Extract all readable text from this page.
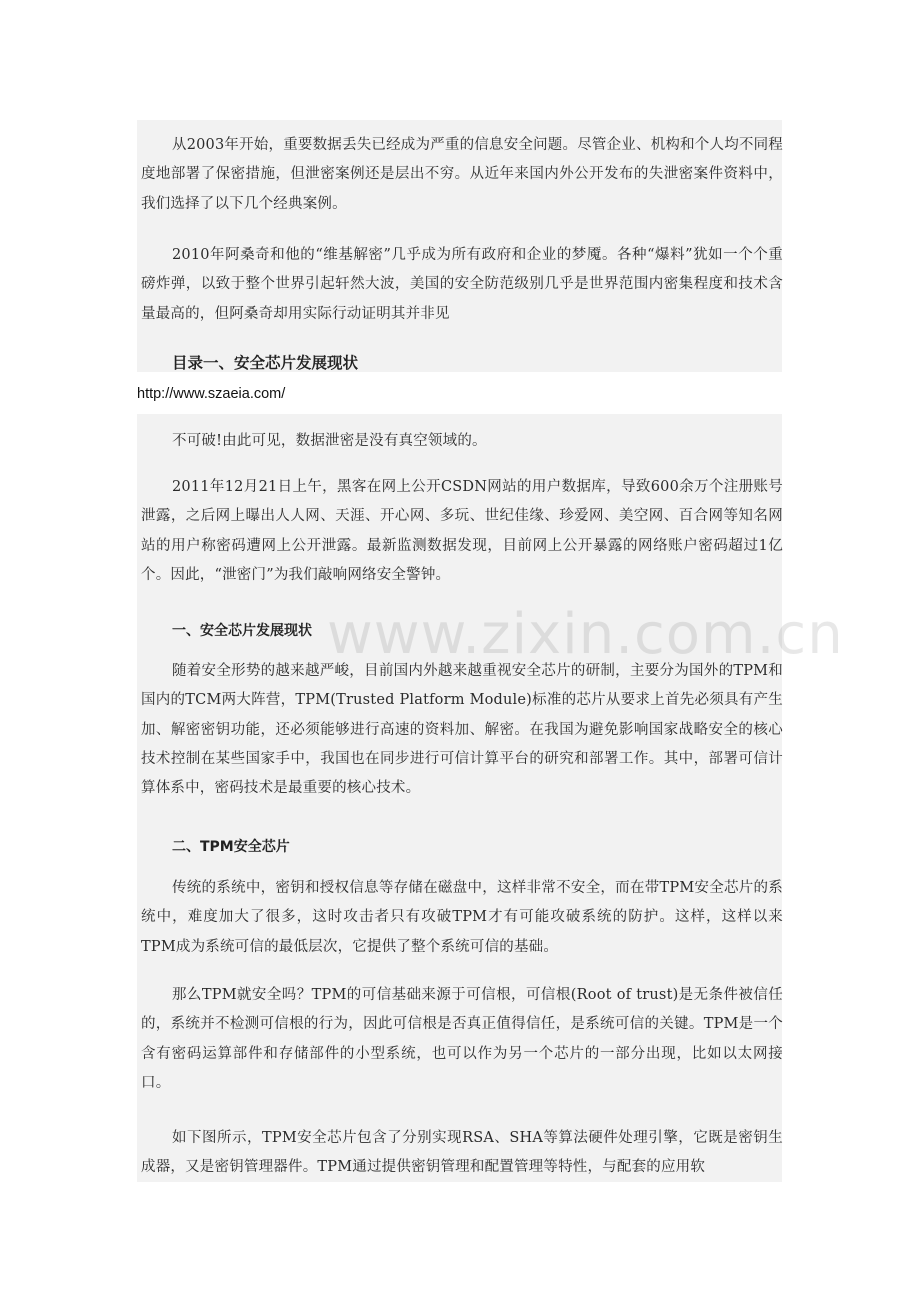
从2003年开始，重要数据丢失已经成为严重的信息安全问题。尽管企业、机构和个人均不同程度地部署了保密措施，但泄密案例还是层出不穷。从近年来国内外公开发布的失泄密案件资料中，我们选择了以下几个经典案例。

2010年阿桑奇和他的“维基解密”几乎成为所有政府和企业的梦魇。各种“爆料”犹如一个个重磅炸弹，以致于整个世界引起轩然大波，美国的安全防范级别几乎是世界范围内密集程度和技术含量最高的，但阿桑奇却用实际行动证明其并非见

目录一、安全芯片发展现状
http://www.szaeia.com/

不可破!由此可见，数据泄密是没有真空领域的。

2011年12月21日上午，黑客在网上公开CSDN网站的用户数据库，导致600余万个注册账号泄露，之后网上曝出人人网、天涯、开心网、多玩、世纪佳缘、珍爱网、美空网、百合网等知名网站的用户称密码遭网上公开泄露。最新监测数据发现，目前网上公开暴露的网络账户密码超过1亿个。因此，“泄密门”为我们敲响网络安全警钟。

一、安全芯片发展现状

随着安全形势的越来越严峻，目前国内外越来越重视安全芯片的研制，主要分为国外的TPM和国内的TCM两大阵营，TPM(Trusted Platform Module)标准的芯片从要求上首先必须具有产生加、解密密钥功能，还必须能够进行高速的资料加、解密。在我国为避免影响国家战略安全的核心技术控制在某些国家手中，我国也在同步进行可信计算平台的研究和部署工作。其中，部署可信计算体系中，密码技术是最重要的核心技术。

二、TPM安全芯片

传统的系统中，密钥和授权信息等存储在磁盘中，这样非常不安全，而在带TPM安全芯片的系统中，难度加大了很多，这时攻击者只有攻破TPM才有可能攻破系统的防护。这样，这样以来TPM成为系统可信的最低层次，它提供了整个系统可信的基础。

那么TPM就安全吗？TPM的可信基础来源于可信根，可信根(Root of trust)是无条件被信任的，系统并不检测可信根的行为，因此可信根是否真正值得信任，是系统可信的关键。TPM是一个含有密码运算部件和存储部件的小型系统，也可以作为另一个芯片的一部分出现，比如以太网接口。

如下图所示，TPM安全芯片包含了分别实现RSA、SHA等算法硬件处理引擎，它既是密钥生成器，又是密钥管理器件。TPM通过提供密钥管理和配置管理等特性，与配套的应用软
